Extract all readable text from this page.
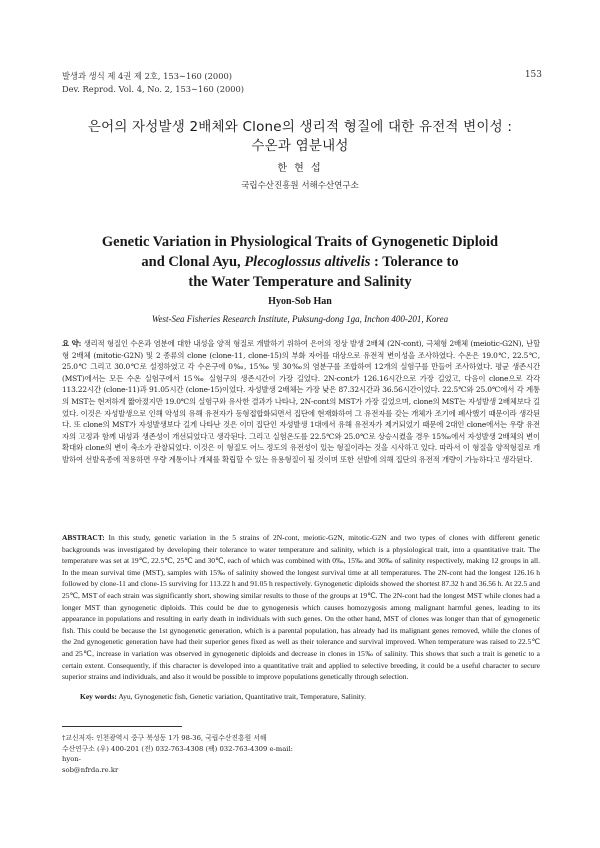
발생과 생식 제 4권 제 2호, 153∼160 (2000)
Dev. Reprod. Vol. 4, No. 2, 153∼160 (2000)
153
은어의 자성발생 2배체와 Clone의 생리적 형질에 대한 유전적 변이성 :
수온과 염분내성
한 현 섭
국립수산진흥원 서해수산연구소
Genetic Variation in Physiological Traits of Gynogenetic Diploid
and Clonal Ayu, Plecoglossus altivelis : Tolerance to
the Water Temperature and Salinity
Hyon-Sob Han
West-Sea Fisheries Research Institute, Puksung-dong 1ga, Inchon 400-201, Korea
요 약: 생리적 형질인 수온과 염분에 대한 내성을 양적 형질로 개발하기 위하여 은어의 정상 발생 2배체 (2N-cont), 극체형 2배체 (meiotic-G2N), 난할형 2배체 (mitotic-G2N) 및 2 종류의 clone (clone-11, clone-15)의 부화 자어를 대상으로 유전적 변이성을 조사하였다. 수온은 19.0℃, 22.5℃, 25.0℃ 그리고 30.0℃로 설정하였고 각 수온구에 0‰, 15‰ 및 30‰의 염분구를 조합하여 12개의 실험구를 만들어 조사하였다. 평균 생존시간 (MST)에서는 모든 수온 실험구에서 15‰ 실험구의 생존시간이 가장 길었다. 2N-cont가 126.16시간으로 가장 길었고, 다음이 clone으로 각각 113.22시간 (clone-11)과 91.05시간 (clone-15)이었다. 자성발생 2배체는 가장 낮은 87.32시간과 36.56시간이었다. 22.5℃와 25.0℃에서 각 계통의 MST는 현저하게 짧아졌지만 19.0℃의 실험구와 유사한 결과가 나타나, 2N-cont의 MST가 가장 길었으며, clone의 MST는 자성발생 2배체보다 길었다. 이것은 자성발생으로 인해 악성의 유해 유전자가 동형접합화되면서 집단에 현재화하여 그 유전자를 갖는 개체가 조기에 폐사했기 때문이라 생각된다. 또 clone의 MST가 자성발생보다 길게 나타난 것은 이미 집단인 자성발생 1대에서 유해 유전자가 제거되었기 때문에 2대인 clone에서는 우량 유전자의 고정과 함께 내성과 생존성이 개선되었다고 생각된다. 그리고 실험온도를 22.5℃와 25.0℃로 상승시켰을 경우 15‰에서 자성발생 2배체의 변이 확대와 clone의 변이 축소가 관찰되었다. 이것은 이 형질도 어느 정도의 유전성이 있는 형질이라는 것을 시사하고 있다. 따라서 이 형질을 양적형질로 개발하여 선발육종에 적용하면 우량 계통이나 개체를 확립할 수 있는 유용형질이 될 것이며 또한 선발에 의해 집단의 유전적 개량이 가능하다고 생각된다.
ABSTRACT: In this study, genetic variation in the 5 strains of 2N-cont, meiotic-G2N, mitotic-G2N and two types of clones with different genetic backgrounds was investigated by developing their tolerance to water temperature and salinity, which is a physiological trait, into a quantitative trait. The temperature was set at 19℃, 22.5℃, 25℃ and 30℃, each of which was combined with 0‰, 15‰ and 30‰ of salinity respectively, making 12 groups in all. In the mean survival time (MST), samples with 15‰ of salinity showed the longest survival time at all temperatures. The 2N-cont had the longest 126.16 h followed by clone-11 and clone-15 surviving for 113.22 h and 91.05 h respectively. Gynogenetic diploids showed the shortest 87.32 h and 36.56 h. At 22.5 and 25℃, MST of each strain was significantly short, showing similar results to those of the groups at 19℃. The 2N-cont had the longest MST while clones had a longer MST than gynogenetic diploids. This could be due to gynogenesis which causes homozygosis among malignant harmful genes, leading to its appearance in populations and resulting in early death in individuals with such genes. On the other hand, MST of clones was longer than that of gynogenetic fish. This could be because the 1st gynogenetic generation, which is a parental population, has already had its malignant genes removed, while the clones of the 2nd gynogenetic generation have had their superior genes fixed as well as their tolerance and survival improved. When temperature was raised to 22.5℃ and 25℃, increase in variation was observed in gynogenetic diploids and decrease in clones in 15‰ of salinity. This shows that such a trait is genetic to a certain extent. Consequently, if this character is developed into a quantitative trait and applied to selective breeding, it could be a useful character to secure superior strains and individuals, and also it would be possible to improve populations genetically through selection.
Key words: Ayu, Gynogenetic fish, Genetic variation, Quantitative trait, Temperature, Salinity.
†교신저자: 인천광역시 중구 북성동 1가 98-36, 국립수산진흥원 서해
수산연구소 (우) 400-201 (전) 032-763-4308 (팩) 032-763-4309 e-mail: hyon-
sob@nfrda.re.kr
